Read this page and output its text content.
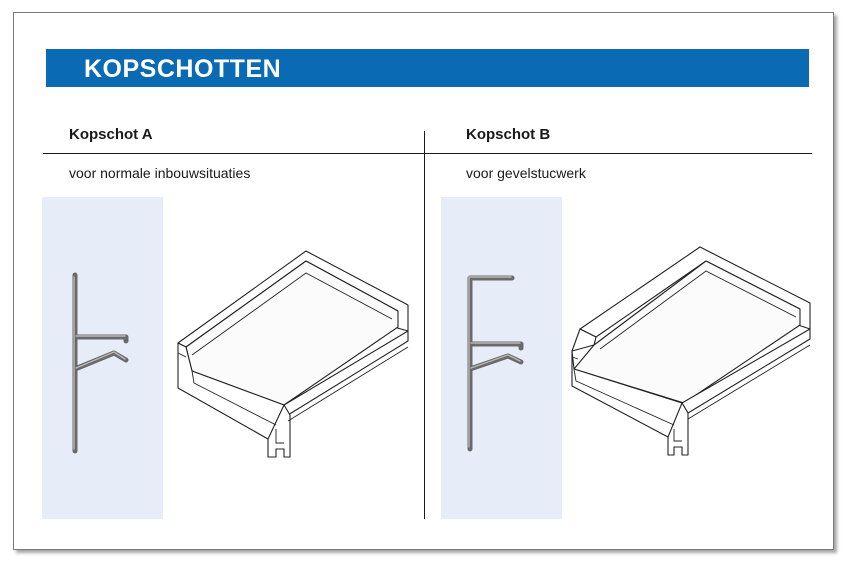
KOPSCHOTTEN
Kopschot A	Kopschot B
voor normale inbouwsituaties	voor gevelstucwerk
